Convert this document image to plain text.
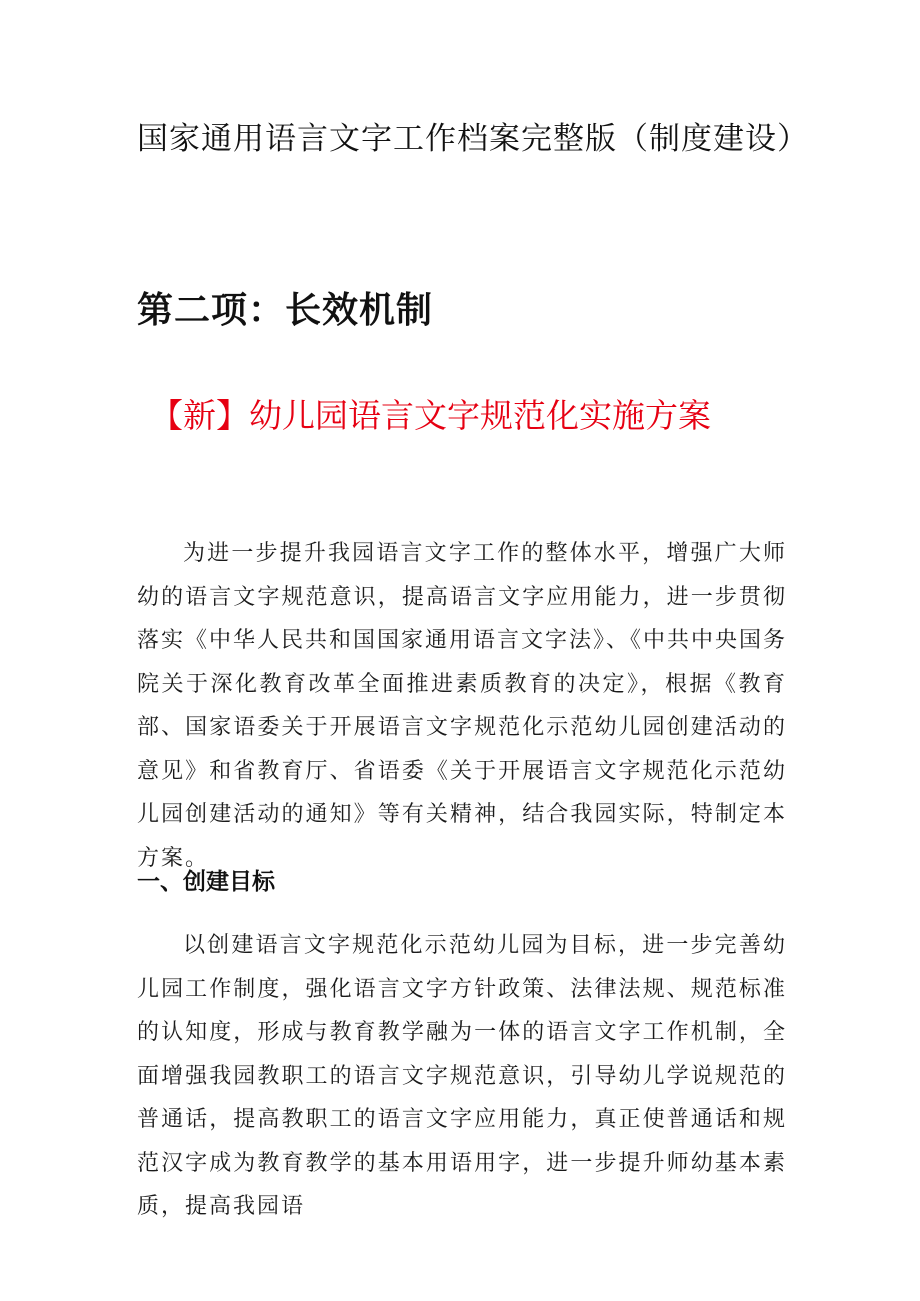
国家通用语言文字工作档案完整版（制度建设）
第二项：长效机制
【新】幼儿园语言文字规范化实施方案

为进一步提升我园语言文字工作的整体水平，增强广大师幼的语言文字规范意识，提高语言文字应用能力，进一步贯彻落实《中华人民共和国国家通用语言文字法》、《中共中央国务院关于深化教育改革全面推进素质教育的决定》，根据《教育部、国家语委关于开展语言文字规范化示范幼儿园创建活动的意见》和省教育厅、省语委《关于开展语言文字规范化示范幼儿园创建活动的通知》等有关精神，结合我园实际，特制定本方案。

一、创建目标

以创建语言文字规范化示范幼儿园为目标，进一步完善幼儿园工作制度，强化语言文字方针政策、法律法规、规范标准的认知度，形成与教育教学融为一体的语言文字工作机制，全面增强我园教职工的语言文字规范意识，引导幼儿学说规范的普通话，提高教职工的语言文字应用能力，真正使普通话和规范汉字成为教育教学的基本用语用字，进一步提升师幼基本素质，提高我园语
